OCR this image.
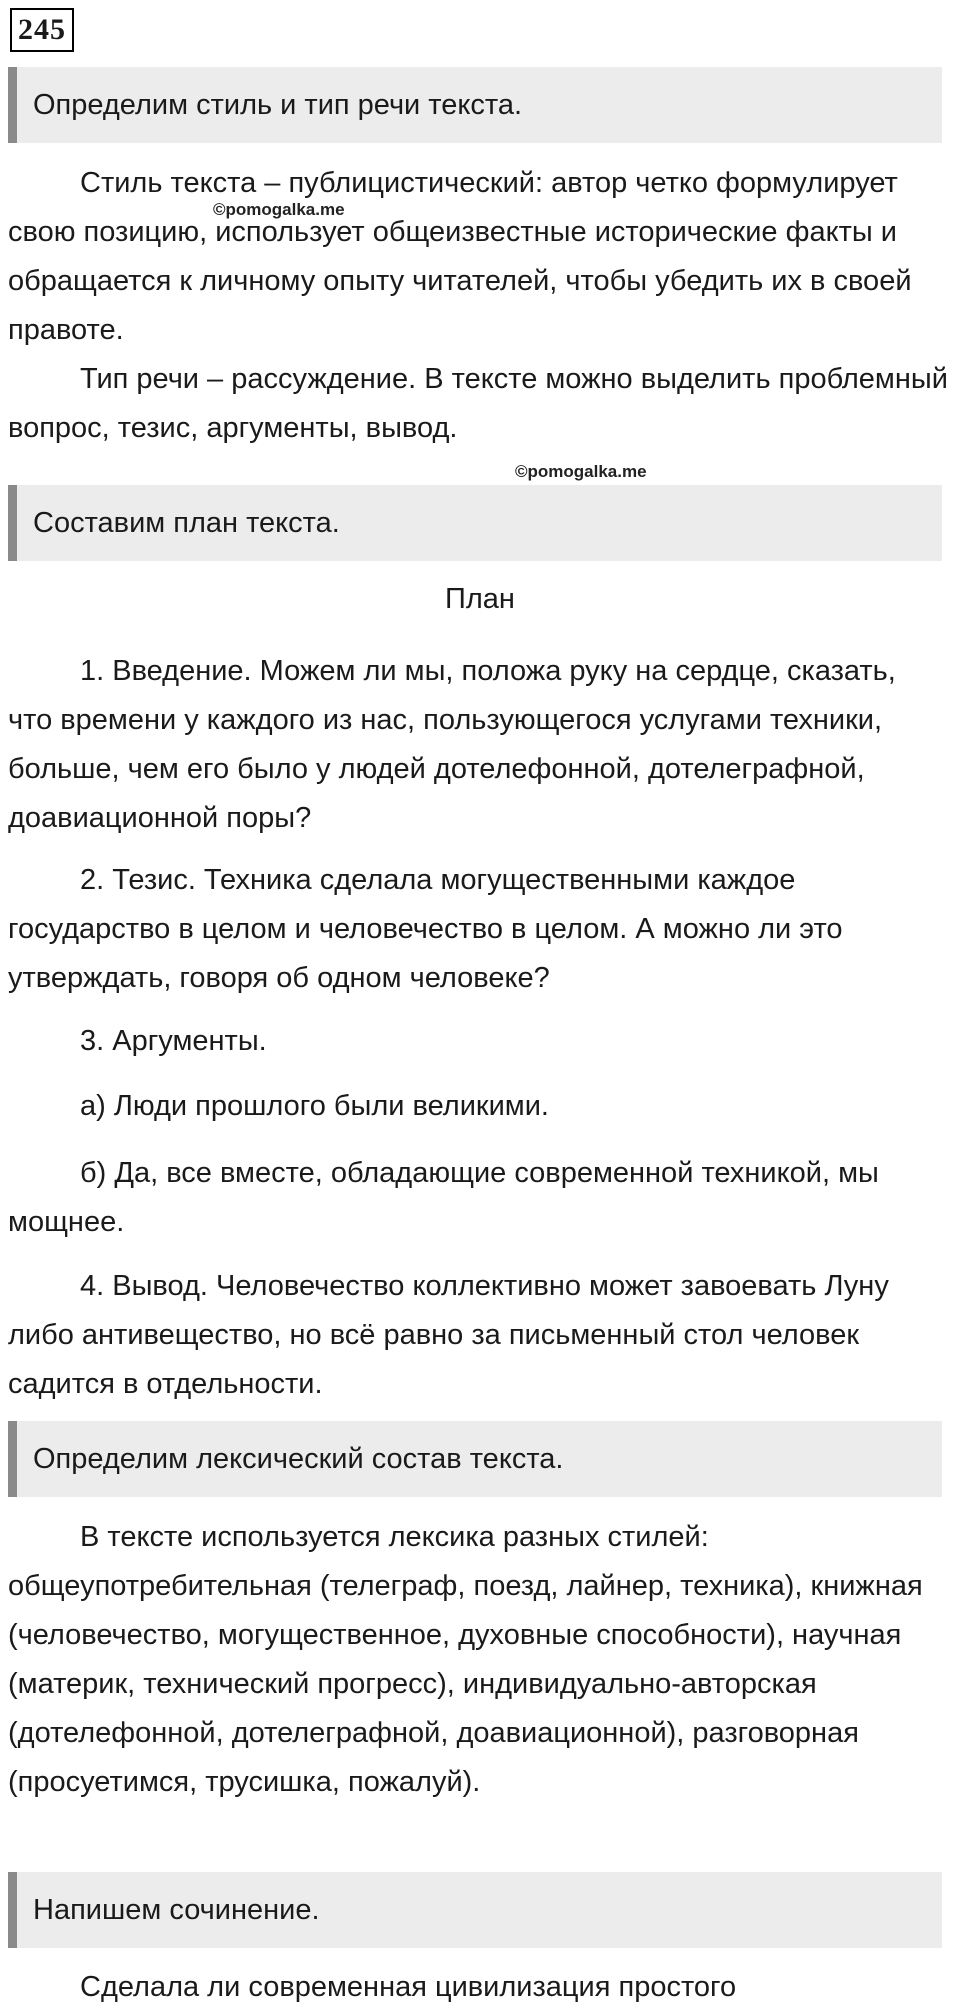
245
Определим стиль и тип речи текста.

Стиль текста – публицистический: автор четко формулирует свою позицию, использует общеизвестные исторические факты и обращается к личному опыту читателей, чтобы убедить их в своей правоте.

©pomogalka.me

Тип речи – рассуждение. В тексте можно выделить проблемный вопрос, тезис, аргументы, вывод.

©pomogalka.me
Составим план текста.
План

1. Введение. Можем ли мы, положа руку на сердце, сказать, что времени у каждого из нас, пользующегося услугами техники, больше, чем его было у людей дотелефонной, дотелеграфной, доавиационной поры?

2. Тезис. Техника сделала могущественными каждое государство в целом и человечество в целом. А можно ли это утверждать, говоря об одном человеке?

3. Аргументы.

а) Люди прошлого были великими.

б) Да, все вместе, обладающие современной техникой, мы мощнее.

4. Вывод. Человечество коллективно может завоевать Луну либо антивещество, но всё равно за письменный стол человек садится в отдельности.

Определим лексический состав текста.

В тексте используется лексика разных стилей: общеупотребительная (телеграф, поезд, лайнер, техника), книжная (человечество, могущественное, духовные способности), научная (материк, технический прогресс), индивидуально-авторская (дотелефонной, дотелеграфной, доавиационной), разговорная (просуетимся, трусишка, пожалуй).

Напишем сочинение.

Сделала ли современная цивилизация простого
